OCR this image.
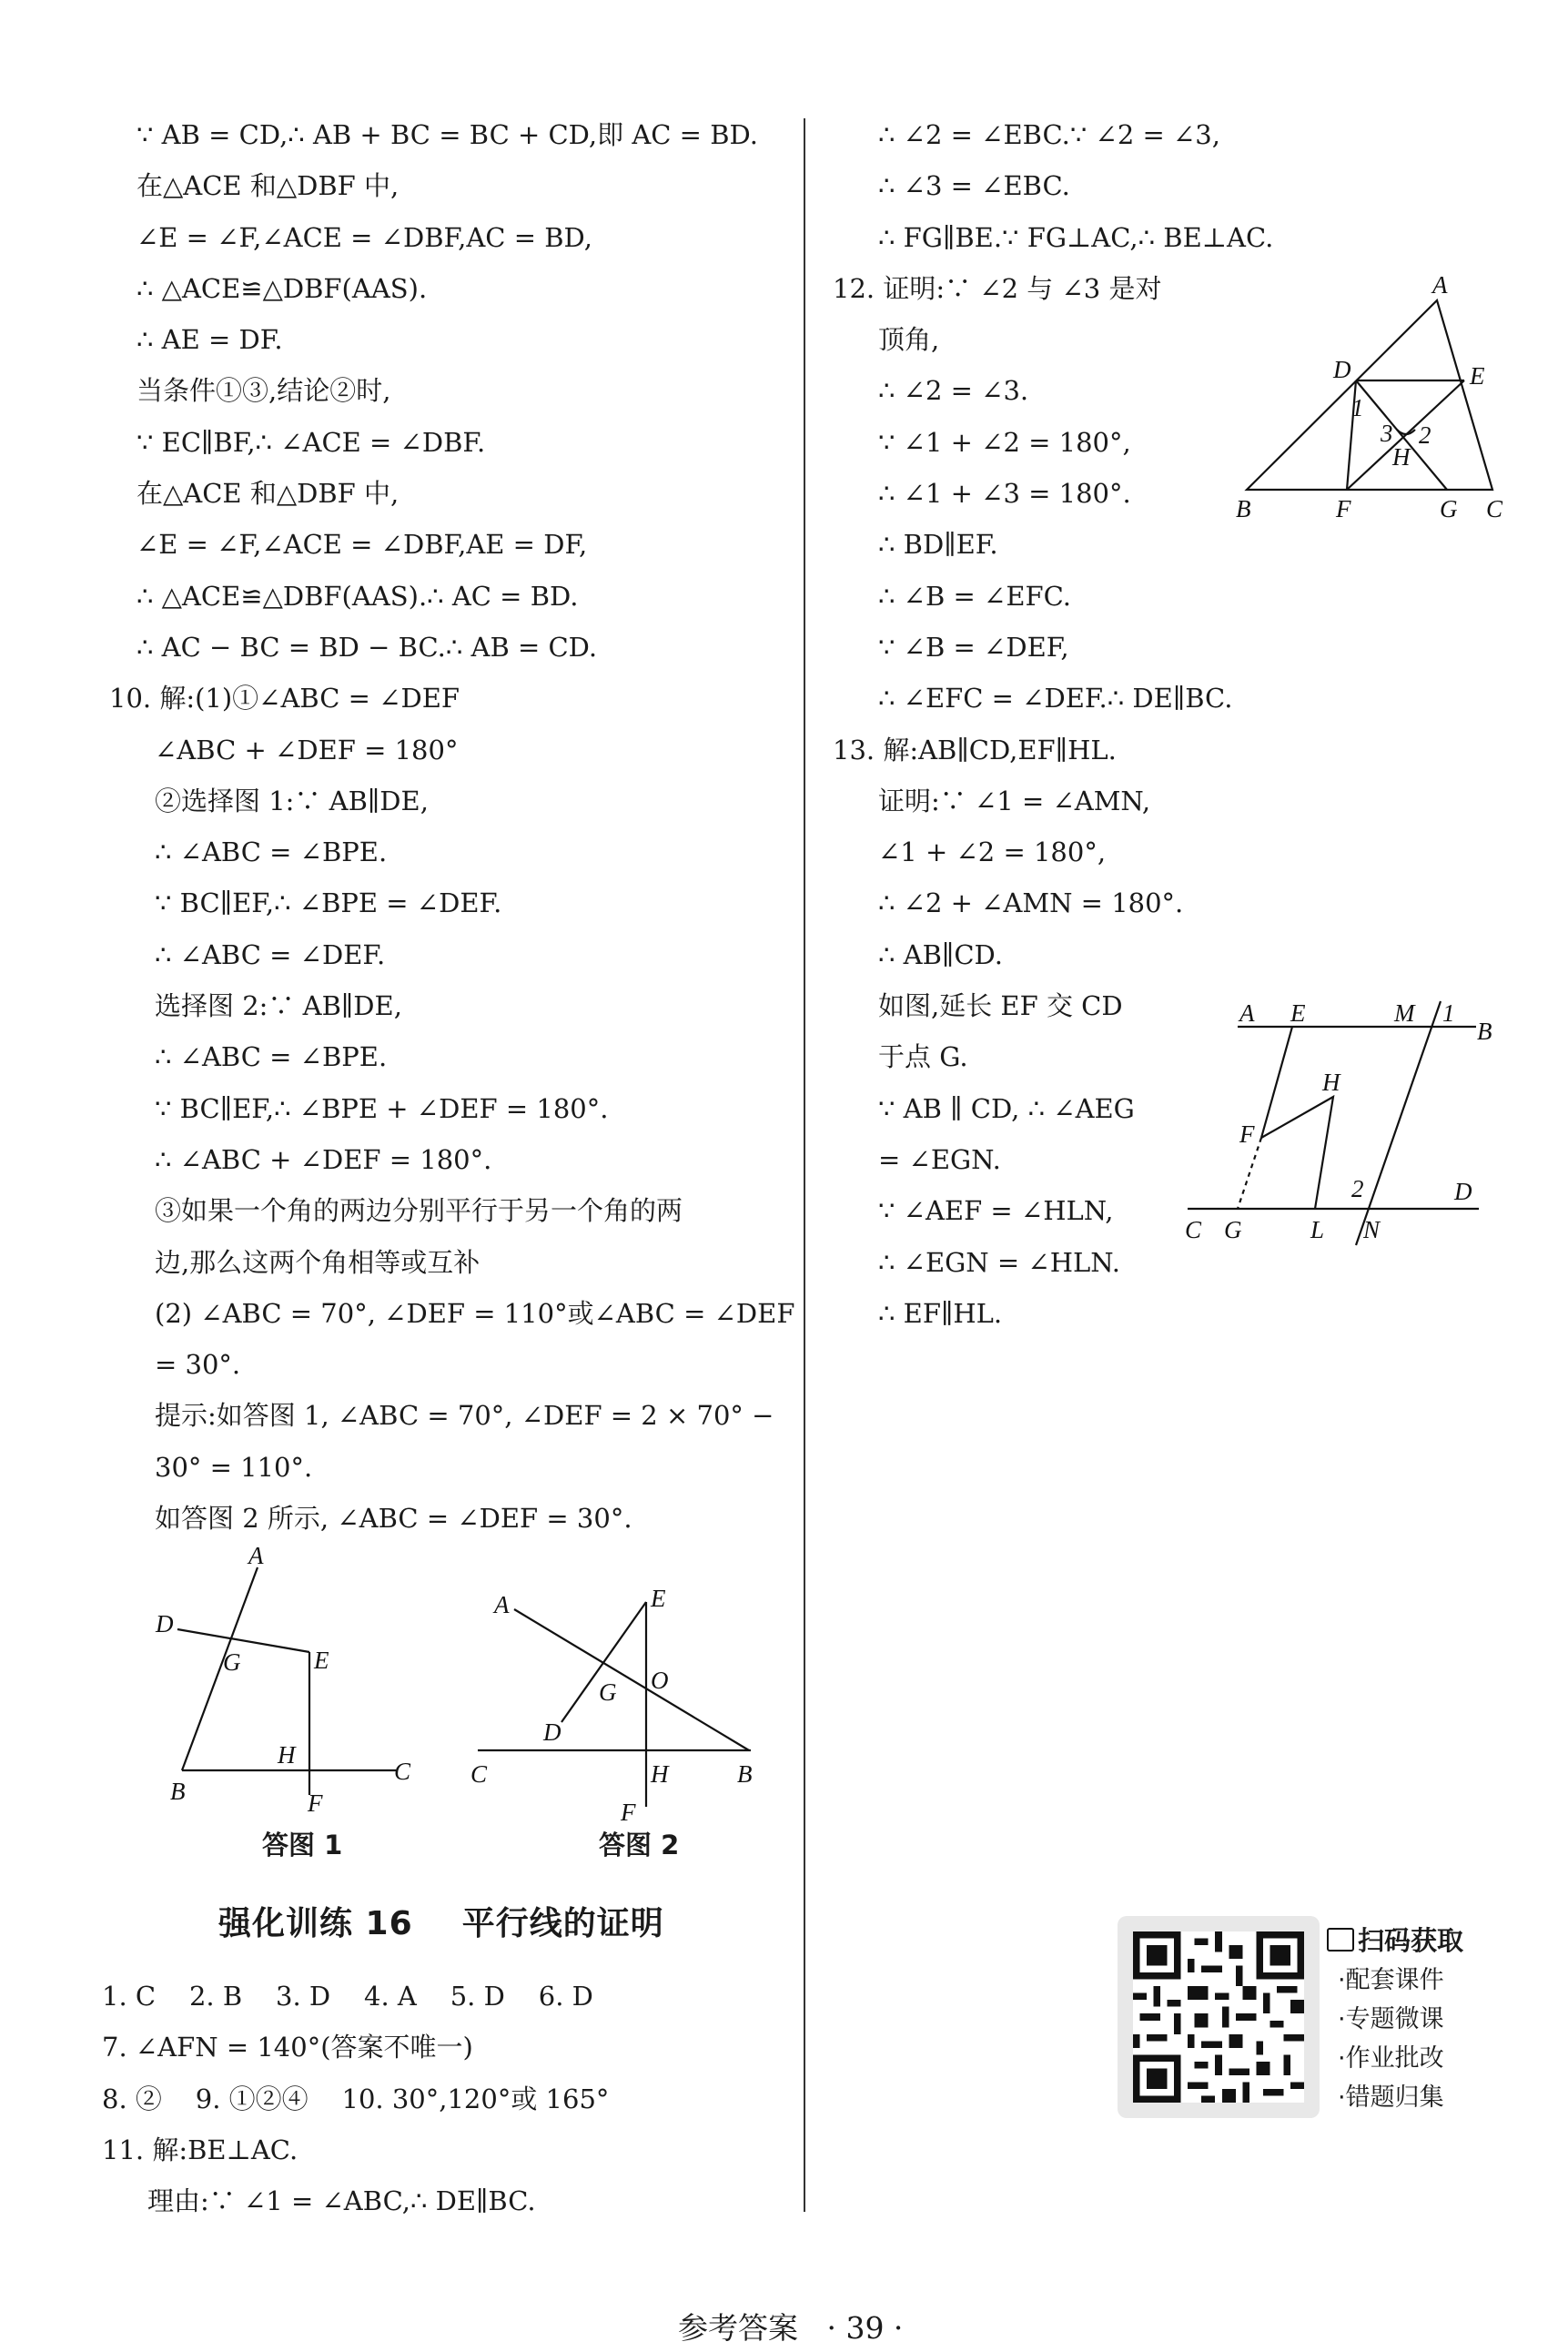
∵ AB = CD,∴ AB + BC = BC + CD,即 AC = BD.
在△ACE 和△DBF 中,
∠E = ∠F,∠ACE = ∠DBF,AC = BD,
∴ △ACE≌△DBF(AAS).
∴ AE = DF.
当条件①③,结论②时,
∵ EC∥BF,∴ ∠ACE = ∠DBF.
在△ACE 和△DBF 中,
∠E = ∠F,∠ACE = ∠DBF,AE = DF,
∴ △ACE≌△DBF(AAS).∴ AC = BD.
∴ AC − BC = BD − BC.∴ AB = CD.
10. 解:(1)①∠ABC = ∠DEF
∠ABC + ∠DEF = 180°
②选择图 1:∵ AB∥DE,
∴ ∠ABC = ∠BPE.
∵ BC∥EF,∴ ∠BPE = ∠DEF.
∴ ∠ABC = ∠DEF.
选择图 2:∵ AB∥DE,
∴ ∠ABC = ∠BPE.
∵ BC∥EF,∴ ∠BPE + ∠DEF = 180°.
∴ ∠ABC + ∠DEF = 180°.
③如果一个角的两边分别平行于另一个角的两
边,那么这两个角相等或互补
(2) ∠ABC = 70°, ∠DEF = 110°或∠ABC = ∠DEF
= 30°.
提示:如答图 1, ∠ABC = 70°, ∠DEF = 2 × 70° −
30° = 110°.
如答图 2 所示, ∠ABC = ∠DEF = 30°.
∴ ∠2 = ∠EBC.∵ ∠2 = ∠3,
∴ ∠3 = ∠EBC.
∴ FG∥BE.∵ FG⊥AC,∴ BE⊥AC.
12. 证明:∵ ∠2 与 ∠3 是对
顶角,
∴ ∠2 = ∠3.
∵ ∠1 + ∠2 = 180°,
∴ ∠1 + ∠3 = 180°.
∴ BD∥EF.
∴ ∠B = ∠EFC.
∵ ∠B = ∠DEF,
∴ ∠EFC = ∠DEF.∴ DE∥BC.
13. 解:AB∥CD,EF∥HL.
证明:∵ ∠1 = ∠AMN,
∠1 + ∠2 = 180°,
∴ ∠2 + ∠AMN = 180°.
∴ AB∥CD.
如图,延长 EF 交 CD
于点 G.
∵ AB ∥ CD, ∴ ∠AEG
= ∠EGN.
∵ ∠AEF = ∠HLN,
∴ ∠EGN = ∠HLN.
∴ EF∥HL.
A
D	E
1
3 2
H
B	F	G C
A E	M 1
B
H
F
2	D
C G	L N
A
D
G	E
H
B	F
C
答图 1
A	E
G O
D
C	H	B
F
答图 2
强化训练 16    平行线的证明
1. C    2. B    3. D    4. A    5. D    6. D
7. ∠AFN = 140°(答案不唯一)
8. ②    9. ①②④    10. 30°,120°或 165°
11. 解:BE⊥AC.
理由:∵ ∠1 = ∠ABC,∴ DE∥BC.
扫码获取
·配套课件
·专题微课
·作业批改
·错题归集
参考答案   · 39 ·
